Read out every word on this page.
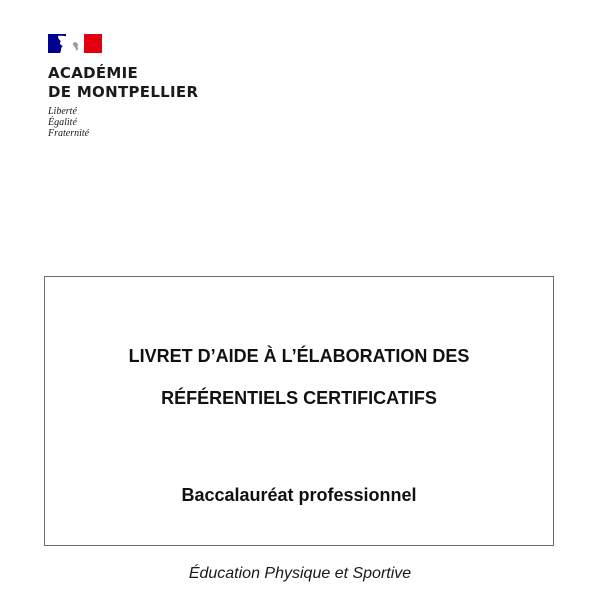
ACADÉMIE
DE MONTPELLIER
Liberté
Égalité
Fraternité
LIVRET D’AIDE À L’ÉLABORATION DES
RÉFÉRENTIELS CERTIFICATIFS
Baccalauréat professionnel
Éducation Physique et Sportive
